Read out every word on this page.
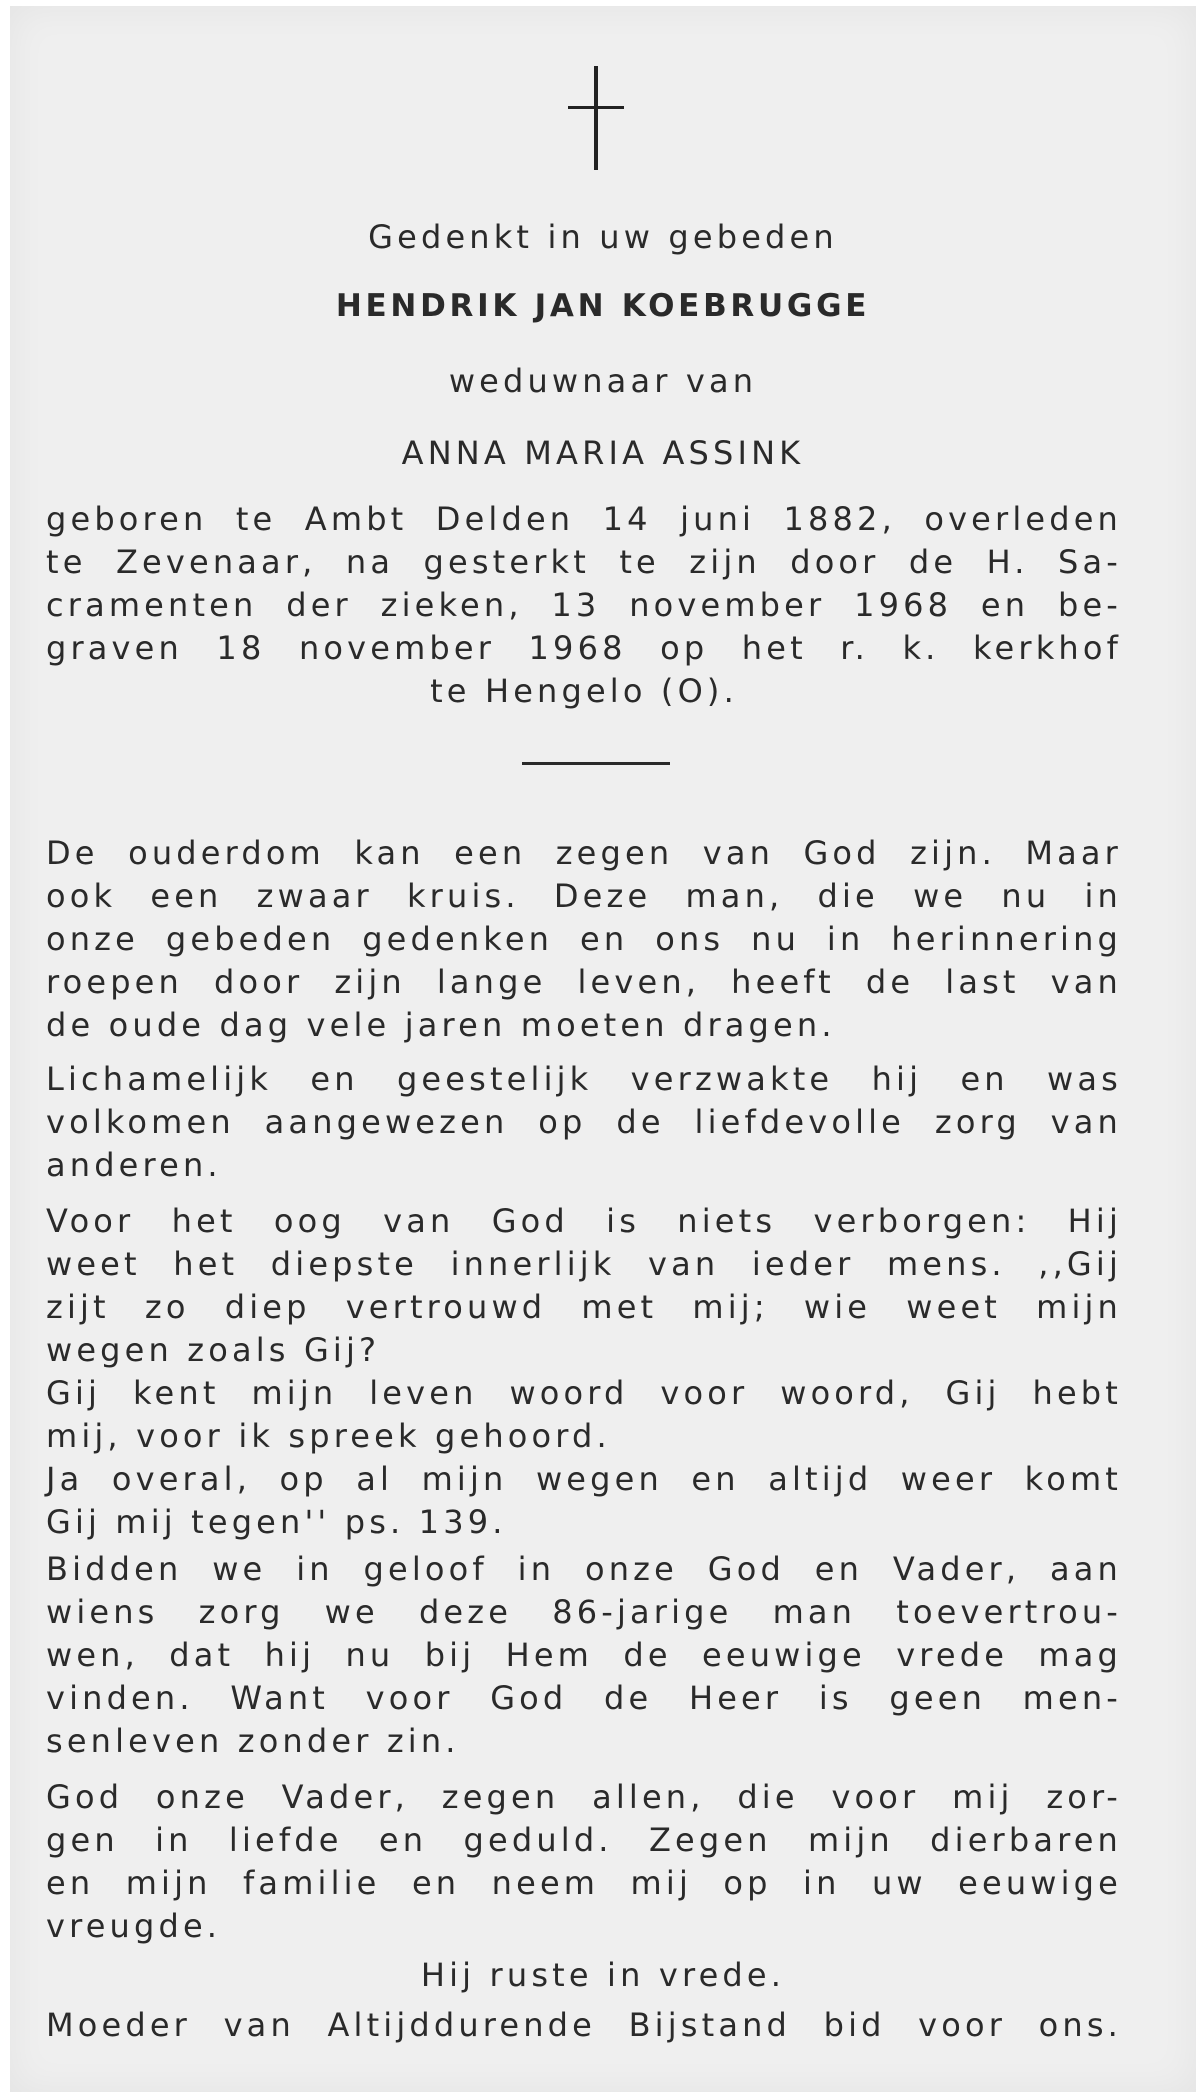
Gedenkt in uw gebeden
HENDRIK JAN KOEBRUGGE
weduwnaar van
ANNA MARIA ASSINK
geboren te Ambt Delden 14 juni 1882, overleden
te Zevenaar, na gesterkt te zijn door de H. Sa-
cramenten der zieken, 13 november 1968 en be-
graven 18 november 1968 op het r. k. kerkhof
te Hengelo (O).
De ouderdom kan een zegen van God zijn. Maar
ook een zwaar kruis. Deze man, die we nu in
onze gebeden gedenken en ons nu in herinnering
roepen door zijn lange leven, heeft de last van
de oude dag vele jaren moeten dragen.
Lichamelijk en geestelijk verzwakte hij en was
volkomen aangewezen op de liefdevolle zorg van
anderen.
Voor het oog van God is niets verborgen: Hij
weet het diepste innerlijk van ieder mens. ,,Gij
zijt zo diep vertrouwd met mij; wie weet mijn
wegen zoals Gij?
Gij kent mijn leven woord voor woord, Gij hebt
mij, voor ik spreek gehoord.
Ja overal, op al mijn wegen en altijd weer komt
Gij mij tegen'' ps. 139.
Bidden we in geloof in onze God en Vader, aan
wiens zorg we deze 86-jarige man toevertrou-
wen, dat hij nu bij Hem de eeuwige vrede mag
vinden. Want voor God de Heer is geen men-
senleven zonder zin.
God onze Vader, zegen allen, die voor mij zor-
gen in liefde en geduld. Zegen mijn dierbaren
en mijn familie en neem mij op in uw eeuwige
vreugde.
Hij ruste in vrede.
Moeder van Altijddurende Bijstand bid voor ons.
